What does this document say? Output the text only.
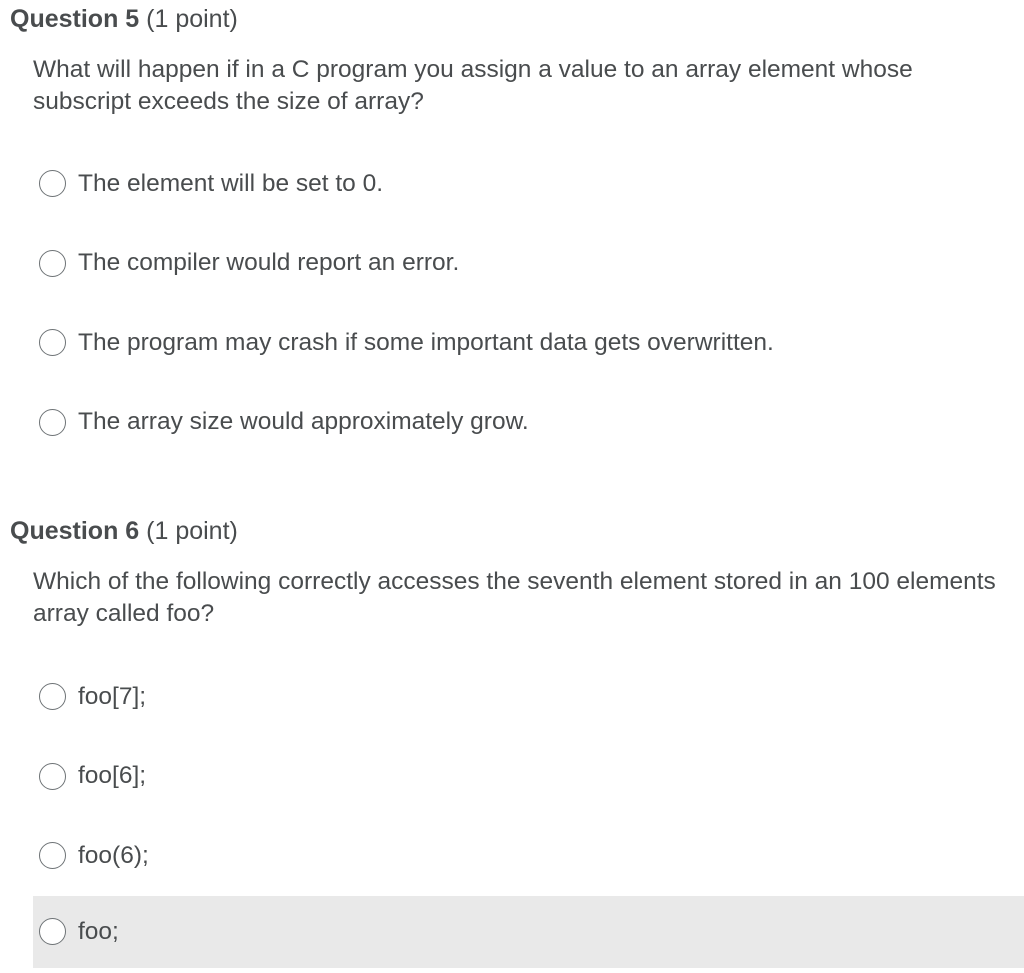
Question 5 (1 point)
What will happen if in a C program you assign a value to an array element whose subscript exceeds the size of array?
The element will be set to 0.
The compiler would report an error.
The program may crash if some important data gets overwritten.
The array size would approximately grow.
Question 6 (1 point)
Which of the following correctly accesses the seventh element stored in an 100 elements array called foo?
foo[7];
foo[6];
foo(6);
foo;
